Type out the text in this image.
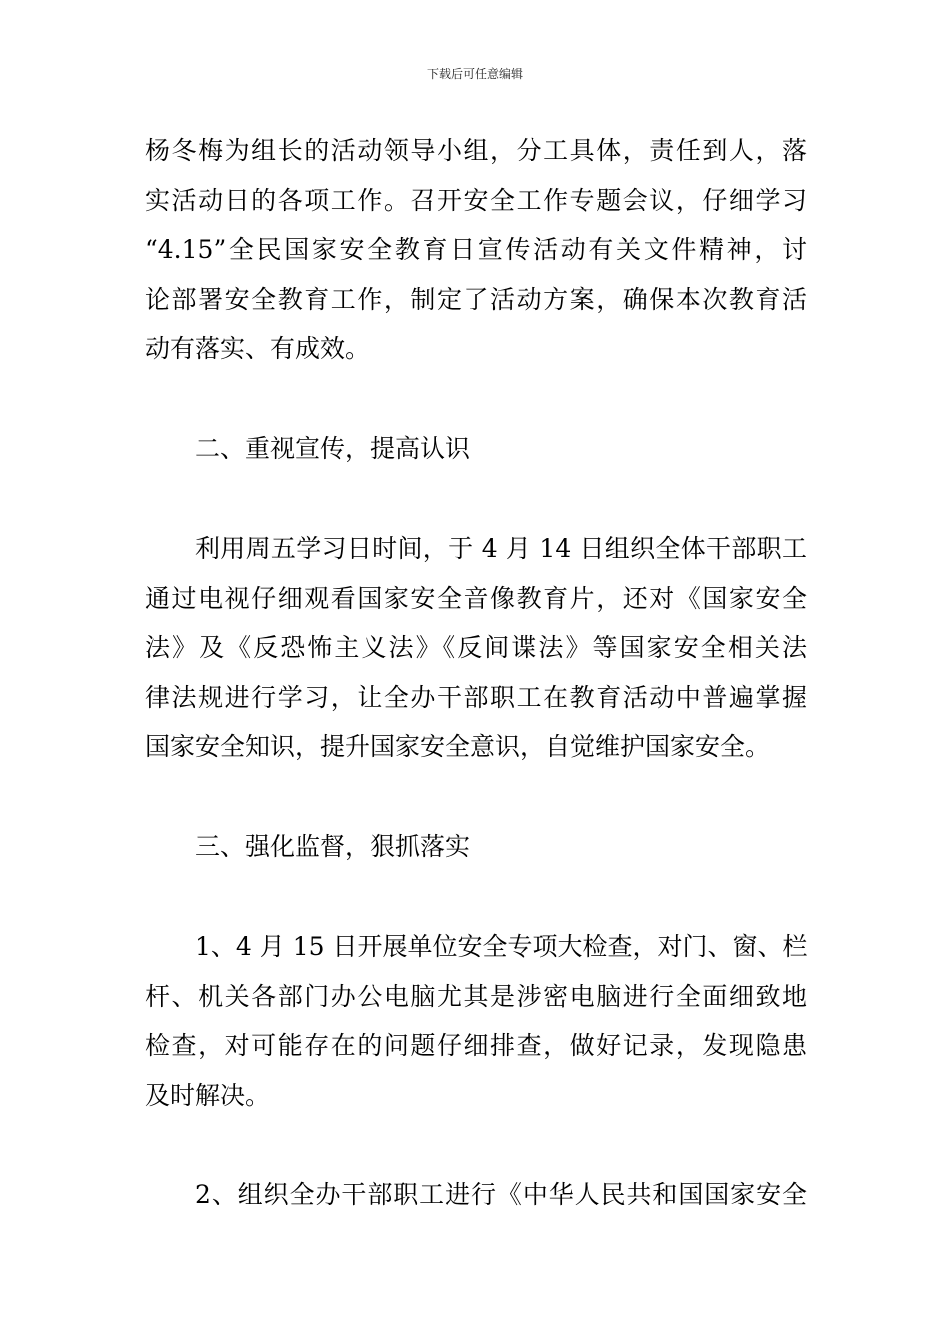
下载后可任意编辑
杨冬梅为组长的活动领导小组，分工具体，责任到人，落
实活动日的各项工作。召开安全工作专题会议，仔细学习
“4.15”全民国家安全教育日宣传活动有关文件精神，讨
论部署安全教育工作，制定了活动方案，确保本次教育活
动有落实、有成效。
二、重视宣传，提高认识
利用周五学习日时间，于 4 月 14 日组织全体干部职工
通过电视仔细观看国家安全音像教育片，还对《国家安全
法》及《反恐怖主义法》《反间谍法》等国家安全相关法
律法规进行学习，让全办干部职工在教育活动中普遍掌握
国家安全知识，提升国家安全意识，自觉维护国家安全。
三、强化监督，狠抓落实
1、4 月 15 日开展单位安全专项大检查，对门、窗、栏
杆、机关各部门办公电脑尤其是涉密电脑进行全面细致地
检查，对可能存在的问题仔细排查，做好记录，发现隐患
及时解决。
2、组织全办干部职工进行《中华人民共和国国家安全
